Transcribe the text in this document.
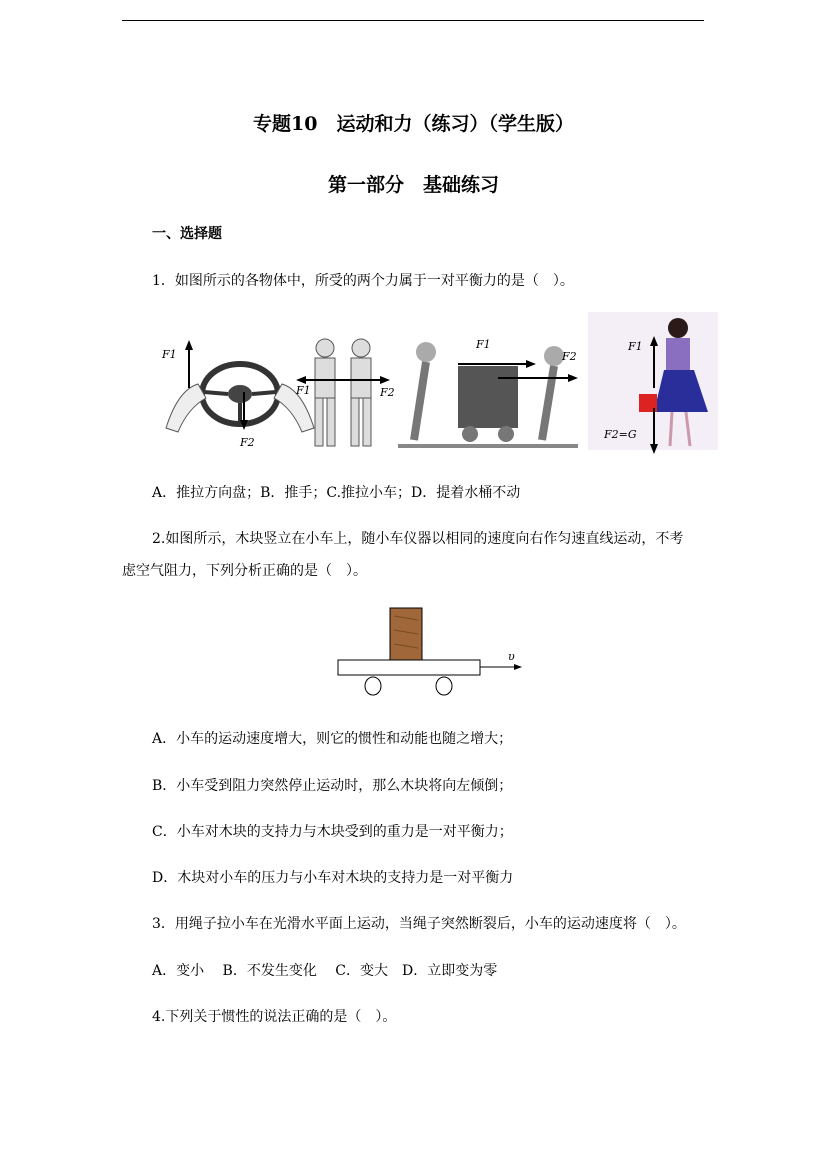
专题10　运动和力（练习）（学生版）
第一部分　基础练习
一、选择题
1．如图所示的各物体中，所受的两个力属于一对平衡力的是（　）。
F1
F2
F1	F2
F1
F2
F1
F2=G
A．推拉方向盘；B．推手；C.推拉小车；D．提着水桶不动
2.如图所示，木块竖立在小车上，随小车仪器以相同的速度向右作匀速直线运动，不考
虑空气阻力，下列分析正确的是（　）。
υ
A．小车的运动速度增大，则它的惯性和动能也随之增大；
B．小车受到阻力突然停止运动时，那么木块将向左倾倒；
C．小车对木块的支持力与木块受到的重力是一对平衡力；
D．木块对小车的压力与小车对木块的支持力是一对平衡力
3．用绳子拉小车在光滑水平面上运动，当绳子突然断裂后，小车的运动速度将（　）。
A．变小　 B．不发生变化　 C．变大　D．立即变为零
4.下列关于惯性的说法正确的是（　）。
